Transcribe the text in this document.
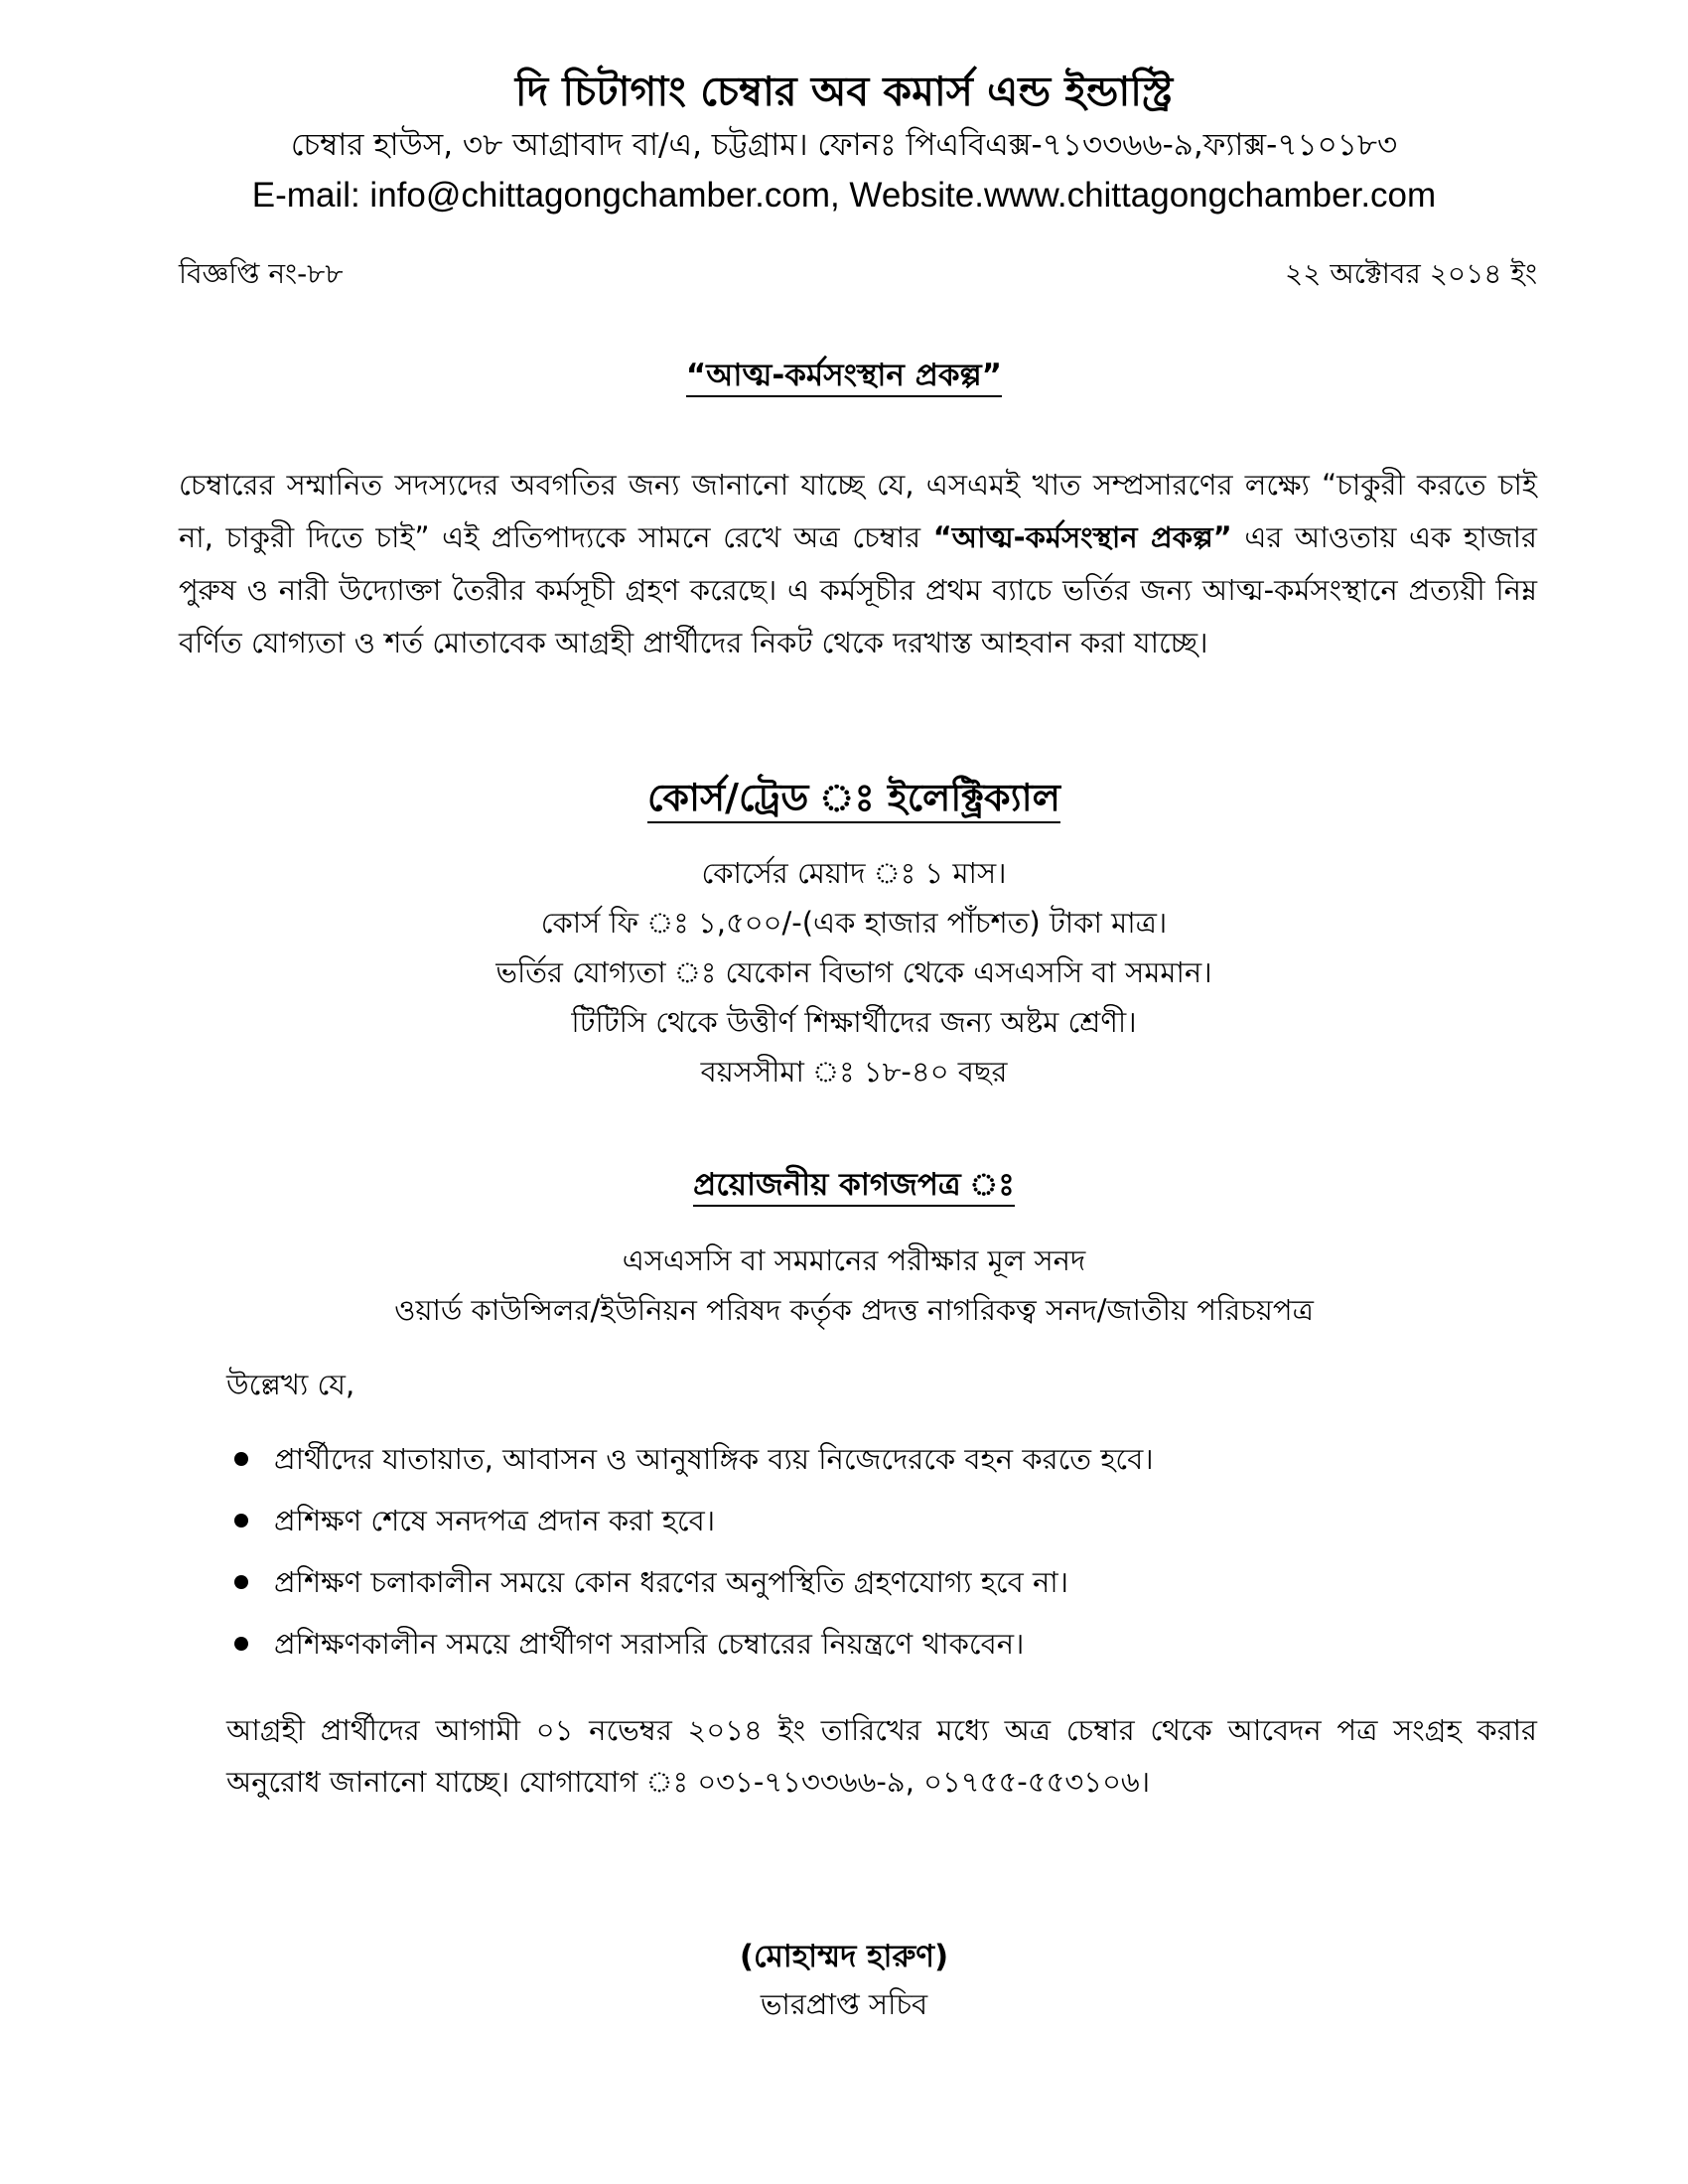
দি চিটাগাং চেম্বার অব কমার্স এন্ড ইন্ডাস্ট্রি
চেম্বার হাউস, ৩৮ আগ্রাবাদ বা/এ, চট্টগ্রাম। ফোনঃ পিএবিএক্স-৭১৩৩৬৬-৯,ফ্যাক্স-৭১০১৮৩
E-mail: info@chittagongchamber.com, Website.www.chittagongchamber.com
বিজ্ঞপ্তি নং-৮৮	২২ অক্টোবর ২০১৪ ইং
“আত্ম-কর্মসংস্থান প্রকল্প”
চেম্বারের সম্মানিত সদস্যদের অবগতির জন্য জানানো যাচ্ছে যে, এসএমই খাত সম্প্রসারণের লক্ষ্যে “চাকুরী করতে চাই না, চাকুরী দিতে চাই” এই প্রতিপাদ্যকে সামনে রেখে অত্র চেম্বার “আত্ম-কর্মসংস্থান প্রকল্প” এর আওতায় এক হাজার পুরুষ ও নারী উদ্যোক্তা তৈরীর কর্মসূচী গ্রহণ করেছে। এ কর্মসূচীর প্রথম ব্যাচে ভর্তির জন্য আত্ম-কর্মসংস্থানে প্রত্যয়ী নিম্ন বর্ণিত যোগ্যতা ও শর্ত মোতাবেক আগ্রহী প্রার্থীদের নিকট থেকে দরখাস্ত আহবান করা যাচ্ছে।
কোর্স/ট্রেড ঃ ইলেক্ট্রিক্যাল
কোর্সের মেয়াদ ঃ ১ মাস।
কোর্স ফি ঃ ১,৫০০/-(এক হাজার পাঁচশত) টাকা মাত্র।
ভর্তির যোগ্যতা ঃ যেকোন বিভাগ থেকে এসএসসি বা সমমান।
টিটিসি থেকে উত্তীর্ণ শিক্ষার্থীদের জন্য অষ্টম শ্রেণী।
বয়সসীমা ঃ ১৮-৪০ বছর
প্রয়োজনীয় কাগজপত্র ঃ
এসএসসি বা সমমানের পরীক্ষার মূল সনদ
ওয়ার্ড কাউন্সিলর/ইউনিয়ন পরিষদ কর্তৃক প্রদত্ত নাগরিকত্ব সনদ/জাতীয় পরিচয়পত্র
উল্লেখ্য যে,
প্রার্থীদের যাতায়াত, আবাসন ও আনুষাঙ্গিক ব্যয় নিজেদেরকে বহন করতে হবে।
প্রশিক্ষণ শেষে সনদপত্র প্রদান করা হবে।
প্রশিক্ষণ চলাকালীন সময়ে কোন ধরণের অনুপস্থিতি গ্রহণযোগ্য হবে না।
প্রশিক্ষণকালীন সময়ে প্রার্থীগণ সরাসরি চেম্বারের নিয়ন্ত্রণে থাকবেন।
আগ্রহী প্রার্থীদের আগামী ০১ নভেম্বর ২০১৪ ইং তারিখের মধ্যে অত্র চেম্বার থেকে আবেদন পত্র সংগ্রহ করার অনুরোধ জানানো যাচ্ছে। যোগাযোগ ঃ ০৩১-৭১৩৩৬৬-৯, ০১৭৫৫-৫৫৩১০৬।
(মোহাম্মদ হারুণ)
ভারপ্রাপ্ত সচিব
